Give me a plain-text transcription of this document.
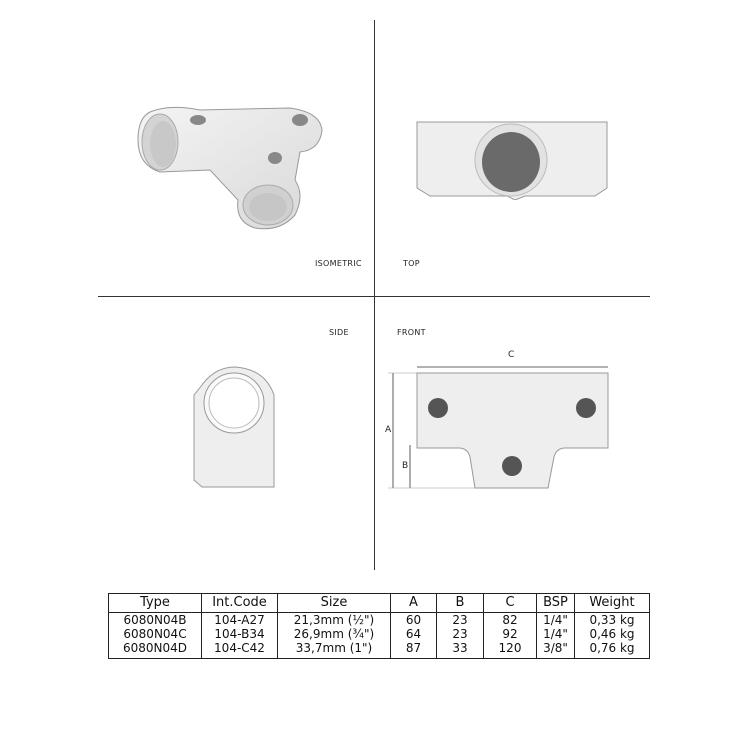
ISOMETRIC	TOP
SIDE	FRONT
C
A
B
Type	Int.Code	Size	A	B	C	BSP	Weight
6080N04B	104-A27	21,3mm (½")	60	23	82	1/4"	0,33 kg
6080N04C	104-B34	26,9mm (¾")	64	23	92	1/4"	0,46 kg
6080N04D	104-C42	33,7mm (1")	87	33	120	3/8"	0,76 kg
